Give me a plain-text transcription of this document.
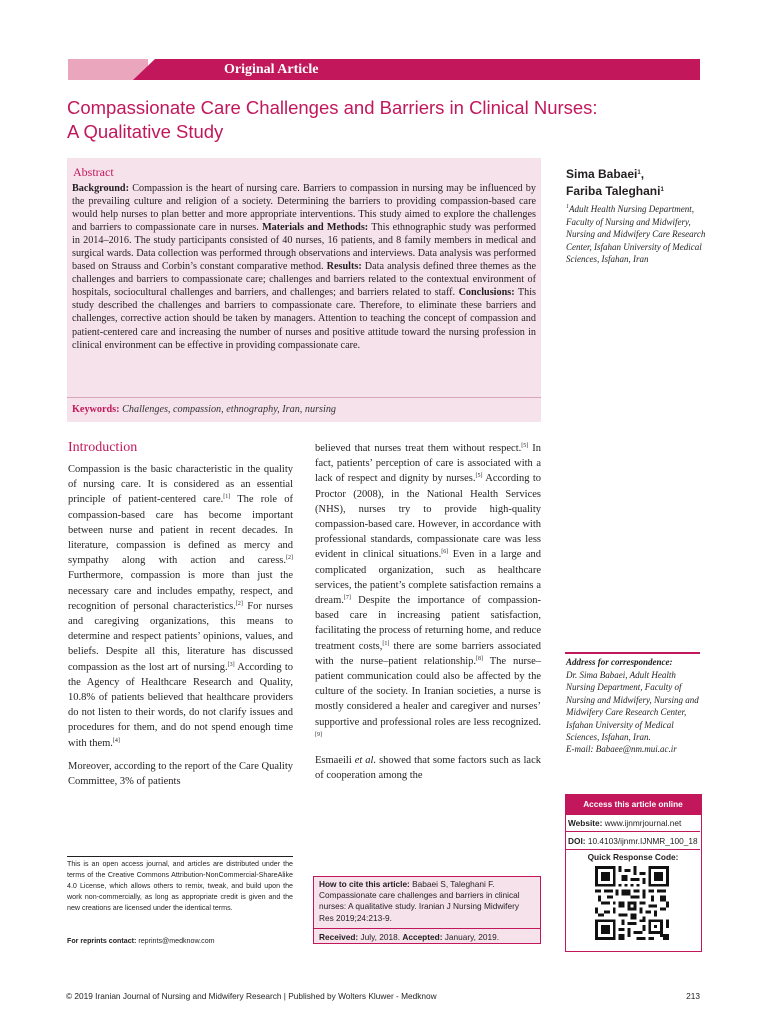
Original Article
Compassionate Care Challenges and Barriers in Clinical Nurses:
A Qualitative Study
Abstract
Background: Compassion is the heart of nursing care. Barriers to compassion in nursing may be influenced by the prevailing culture and religion of a society. Determining the barriers to providing compassion-based care would help nurses to plan better and more appropriate interventions. This study aimed to explore the challenges and barriers to compassionate care in nurses. Materials and Methods: This ethnographic study was performed in 2014–2016. The study participants consisted of 40 nurses, 16 patients, and 8 family members in medical and surgical wards. Data collection was performed through observations and interviews. Data analysis was performed based on Strauss and Corbin’s constant comparative method. Results: Data analysis defined three themes as the challenges and barriers to compassionate care; challenges and barriers related to the contextual environment of hospitals, sociocultural challenges and barriers, and challenges; and barriers related to staff. Conclusions: This study described the challenges and barriers to compassionate care. Therefore, to eliminate these barriers and challenges, corrective action should be taken by managers. Attention to teaching the concept of compassion and patient-centered care and increasing the number of nurses and positive attitude toward the nursing profession in clinical environment can be effective in providing compassionate care.
Keywords: Challenges, compassion, ethnography, Iran, nursing
Sima Babaei$^1$,
Fariba Taleghani$^1$
$^1$Adult Health Nursing Department, Faculty of Nursing and Midwifery, Nursing and Midwifery Care Research Center, Isfahan University of Medical Sciences, Isfahan, Iran
Introduction

Compassion is the basic characteristic in the quality of nursing care. It is considered as an essential principle of patient-centered care.[1] The role of compassion-based care has become important between nurse and patient in recent decades. In literature, compassion is defined as mercy and sympathy along with action and caress.[2] Furthermore, compassion is more than just the necessary care and includes empathy, respect, and recognition of personal characteristics.[2] For nurses and caregiving organizations, this means to determine and respect patients’ opinions, values, and beliefs. Despite all this, literature has discussed compassion as the lost art of nursing.[3] According to the Agency of Healthcare Research and Quality, 10.8% of patients believed that healthcare providers do not listen to their words, do not clarify issues and procedures for them, and do not spend enough time with them.[4]

Moreover, according to the report of the Care Quality Committee, 3% of patients

believed that nurses treat them without respect.[5] In fact, patients’ perception of care is associated with a lack of respect and dignity by nurses.[5] According to Proctor (2008), in the National Health Services (NHS), nurses try to provide high-quality compassion-based care. However, in accordance with professional standards, compassionate care was less evident in clinical situations.[6] Even in a large and complicated organization, such as healthcare services, the patient’s complete satisfaction remains a dream.[7] Despite the importance of compassion-based care in increasing patient satisfaction, facilitating the process of returning home, and reduce treatment costs,[1] there are some barriers associated with the nurse–patient relationship.[8] The nurse–patient communication could also be affected by the culture of the society. In Iranian societies, a nurse is mostly considered a healer and caregiver and nurses’ supportive and professional roles are less recognized.[9]

Esmaeili et al. showed that some factors such as lack of cooperation among the

This is an open access journal, and articles are distributed under the terms of the Creative Commons Attribution-NonCommercial-ShareAlike 4.0 License, which allows others to remix, tweak, and build upon the work non-commercially, as long as appropriate credit is given and the new creations are licensed under the identical terms.
For reprints contact: reprints@medknow.com
How to cite this article: Babaei S, Taleghani F. Compassionate care challenges and barriers in clinical nurses: A qualitative study. Iranian J Nursing Midwifery Res 2019;24:213-9.
Received: July, 2018. Accepted: January, 2019.
Address for correspondence:
Dr. Sima Babaei, Adult Health Nursing Department, Faculty of Nursing and Midwifery, Nursing and Midwifery Care Research Center, Isfahan University of Medical Sciences, Isfahan, Iran.
E-mail: Babaee@nm.mui.ac.ir
Access this article online
Website: www.ijnmrjournal.net
DOI: 10.4103/ijnmr.IJNMR_100_18
Quick Response Code:
© 2019 Iranian Journal of Nursing and Midwifery Research | Published by Wolters Kluwer - Medknow	213
